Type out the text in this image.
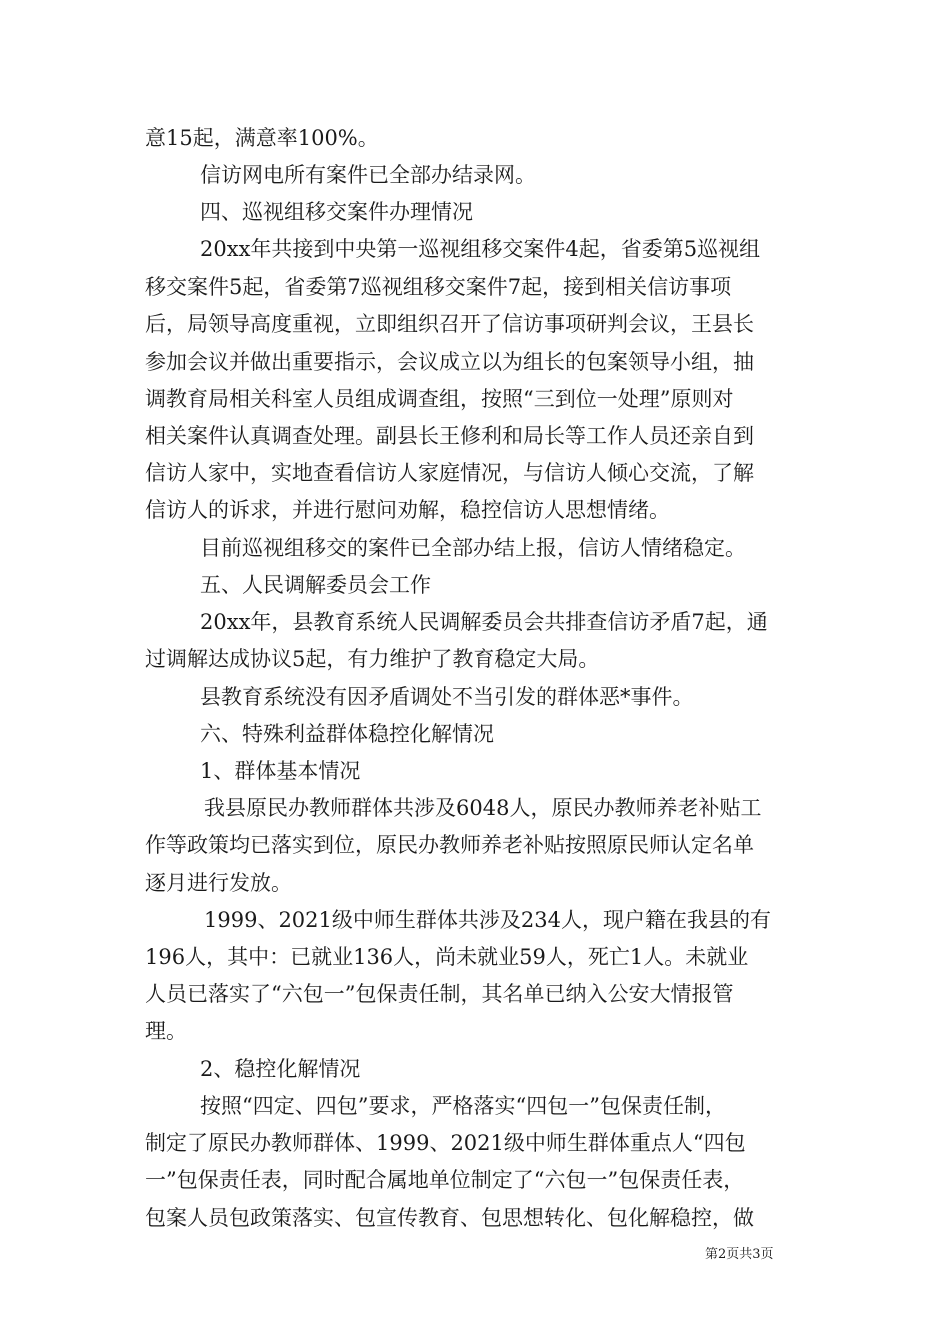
意15起，满意率100%。
信访网电所有案件已全部办结录网。
四、巡视组移交案件办理情况
20xx年共接到中央第一巡视组移交案件4起，省委第5巡视组
移交案件5起，省委第7巡视组移交案件7起，接到相关信访事项
后，局领导高度重视，立即组织召开了信访事项研判会议，王县长
参加会议并做出重要指示，会议成立以为组长的包案领导小组，抽
调教育局相关科室人员组成调查组，按照“三到位一处理”原则对
相关案件认真调查处理。副县长王修利和局长等工作人员还亲自到
信访人家中，实地查看信访人家庭情况，与信访人倾心交流，了解
信访人的诉求，并进行慰问劝解，稳控信访人思想情绪。
目前巡视组移交的案件已全部办结上报，信访人情绪稳定。
五、人民调解委员会工作
20xx年，县教育系统人民调解委员会共排查信访矛盾7起，通
过调解达成协议5起，有力维护了教育稳定大局。
县教育系统没有因矛盾调处不当引发的群体恶*事件。
六、特殊利益群体稳控化解情况
1、群体基本情况
我县原民办教师群体共涉及6048人，原民办教师养老补贴工
作等政策均已落实到位，原民办教师养老补贴按照原民师认定名单
逐月进行发放。
1999、2021级中师生群体共涉及234人，现户籍在我县的有
196人，其中：已就业136人，尚未就业59人，死亡1人。未就业
人员已落实了“六包一”包保责任制，其名单已纳入公安大情报管
理。
2、稳控化解情况
按照“四定、四包”要求，严格落实“四包一”包保责任制，
制定了原民办教师群体、1999、2021级中师生群体重点人“四包
一”包保责任表，同时配合属地单位制定了“六包一”包保责任表，
包案人员包政策落实、包宣传教育、包思想转化、包化解稳控，做
第2页共3页
